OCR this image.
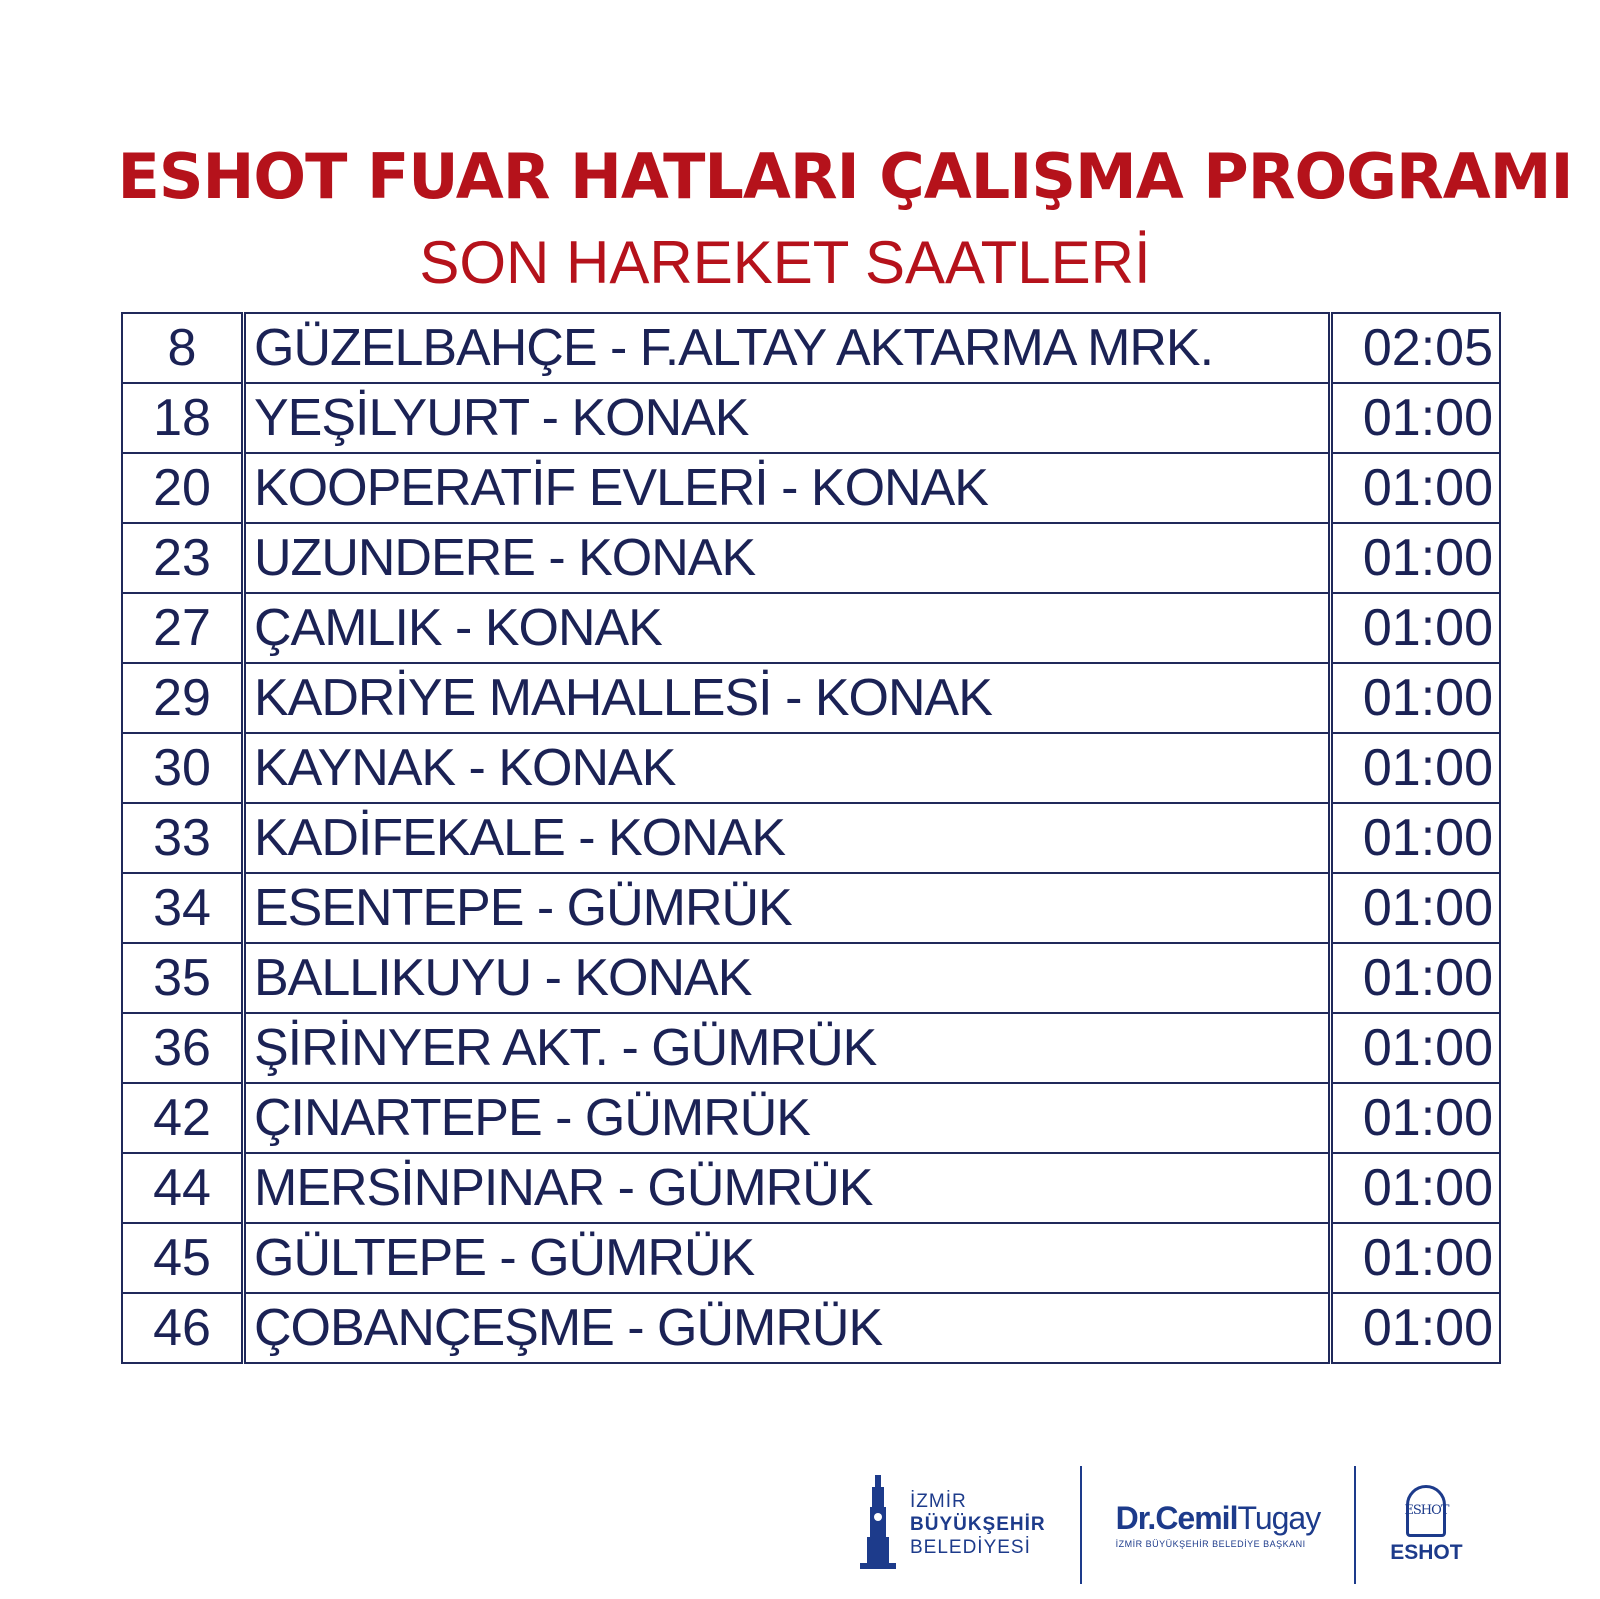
ESHOT FUAR HATLARI ÇALIŞMA PROGRAMI
SON HAREKET SAATLERİ
8	GÜZELBAHÇE - F.ALTAY AKTARMA MRK.	02:05
18	YEŞİLYURT - KONAK	01:00
20	KOOPERATİF EVLERİ - KONAK	01:00
23	UZUNDERE - KONAK	01:00
27	ÇAMLIK - KONAK	01:00
29	KADRİYE MAHALLESİ - KONAK	01:00
30	KAYNAK - KONAK	01:00
33	KADİFEKALE - KONAK	01:00
34	ESENTEPE - GÜMRÜK	01:00
35	BALLIKUYU - KONAK	01:00
36	ŞİRİNYER AKT. - GÜMRÜK	01:00
42	ÇINARTEPE - GÜMRÜK	01:00
44	MERSİNPINAR - GÜMRÜK	01:00
45	GÜLTEPE - GÜMRÜK	01:00
46	ÇOBANÇEŞME - GÜMRÜK	01:00
İZMİR
BÜYÜKŞEHİR
BELEDİYESİ
Dr.CemilTugay
İZMİR BÜYÜKŞEHİR BELEDİYE BAŞKANI
ESHOT
ESHOT
